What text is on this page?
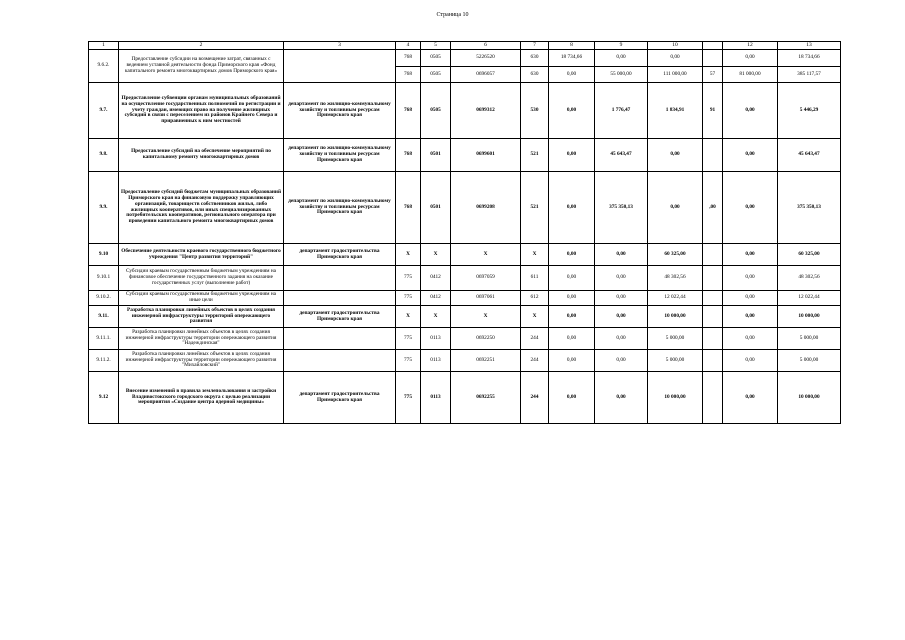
Страница 10
1	2	3	4	5	6	7	8	9	10		12	13
9.6.2.	Предоставление субсидии на возмещение затрат, связанных с ведением уставной деятельности фонда Приморского края «Фонд капитального ремонта многоквартирных домов Приморского края»		768	0505	5226520	630	18 734,66	0,00	0,00		0,00	18 734,66
			768	0505	0696057	630	0,00	55 000,00	111 000,00	57	81 000,00	385 117,57
9.7.	Предоставление субвенции органам муниципальных образований на осуществление государственных полномочий по регистрации и учету граждан, имеющих право на получение жилищных субсидий в связи с переселением из районов Крайнего Севера и приравненных к ним местностей	департамент по жилищно-коммунальному хозяйству и топливным ресурсам Приморского края	768	0505	0699312	530	0,00	1 776,47	1 834,91	91	0,00	5 446,29
9.8.	Предоставление субсидий на обеспечение мероприятий по капитальному ремонту многоквартирных домов	департамент по жилищно-коммунальному хозяйству и топливным ресурсам Приморского края	768	0501	0699601	521	0,00	45 643,47	0,00		0,00	45 643,47
9.9.	Предоставление субсидий бюджетам муниципальных образований Приморского края на финансовую поддержку управляющих организаций, товариществ собственников жилья, либо жилищных кооперативов, или иных специализированных потребительских кооперативов, регионального оператора при проведении капитального ремонта многоквартирных домов	департамент по жилищно-коммунальному хозяйству и топливным ресурсам Приморского края	768	0501	0699208	521	0,00	375 350,13	0,00	,00	0,00	375 350,13
9.10	Обеспечение деятельности краевого государственного бюджетного учреждения "Центр развития территорий"	департамент градостроительства Приморского края	X	X	X	X	0,00	0,00	60 325,00		0,00	60 325,00
9.10.1	Субсидии краевым государственным бюджетным учреждениям на финансовое обеспечение государственного задания на оказание государственных услуг (выполнение работ)		775	0412	0697059	611	0,00	0,00	48 302,56		0,00	48 302,56
9.10.2.	Субсидии краевым государственным бюджетным учреждениям на иные цели		775	0412	0697061	612	0,00	0,00	12 022,44		0,00	12 022,44
9.11.	Разработка планировки линейных объектов в целях создания инженерной инфраструктуры территорий опережающего развития	департамент градостроительства Приморского края	X	X	X	X	0,00	0,00	10 000,00		0,00	10 000,00
9.11.1.	Разработка планировки линейных объектов в целях создания инженерной инфраструктуры территории опережающего развития "Надеждинская"		775	0113	0692250	244	0,00	0,00	5 000,00		0,00	5 000,00
9.11.2.	Разработка планировки линейных объектов в целях создания инженерной инфраструктуры территории опережающего развития "Михайловский"		775	0113	0692251	244	0,00	0,00	5 000,00		0,00	5 000,00
9.12	Внесение изменений в правила землепользования и застройки Владивостокского городского округа с целью реализации мероприятия «Создание центра ядерной медицины»	департамент градостроительства Приморского края	775	0113	0692255	244	0,00	0,00	10 000,00		0,00	10 000,00
